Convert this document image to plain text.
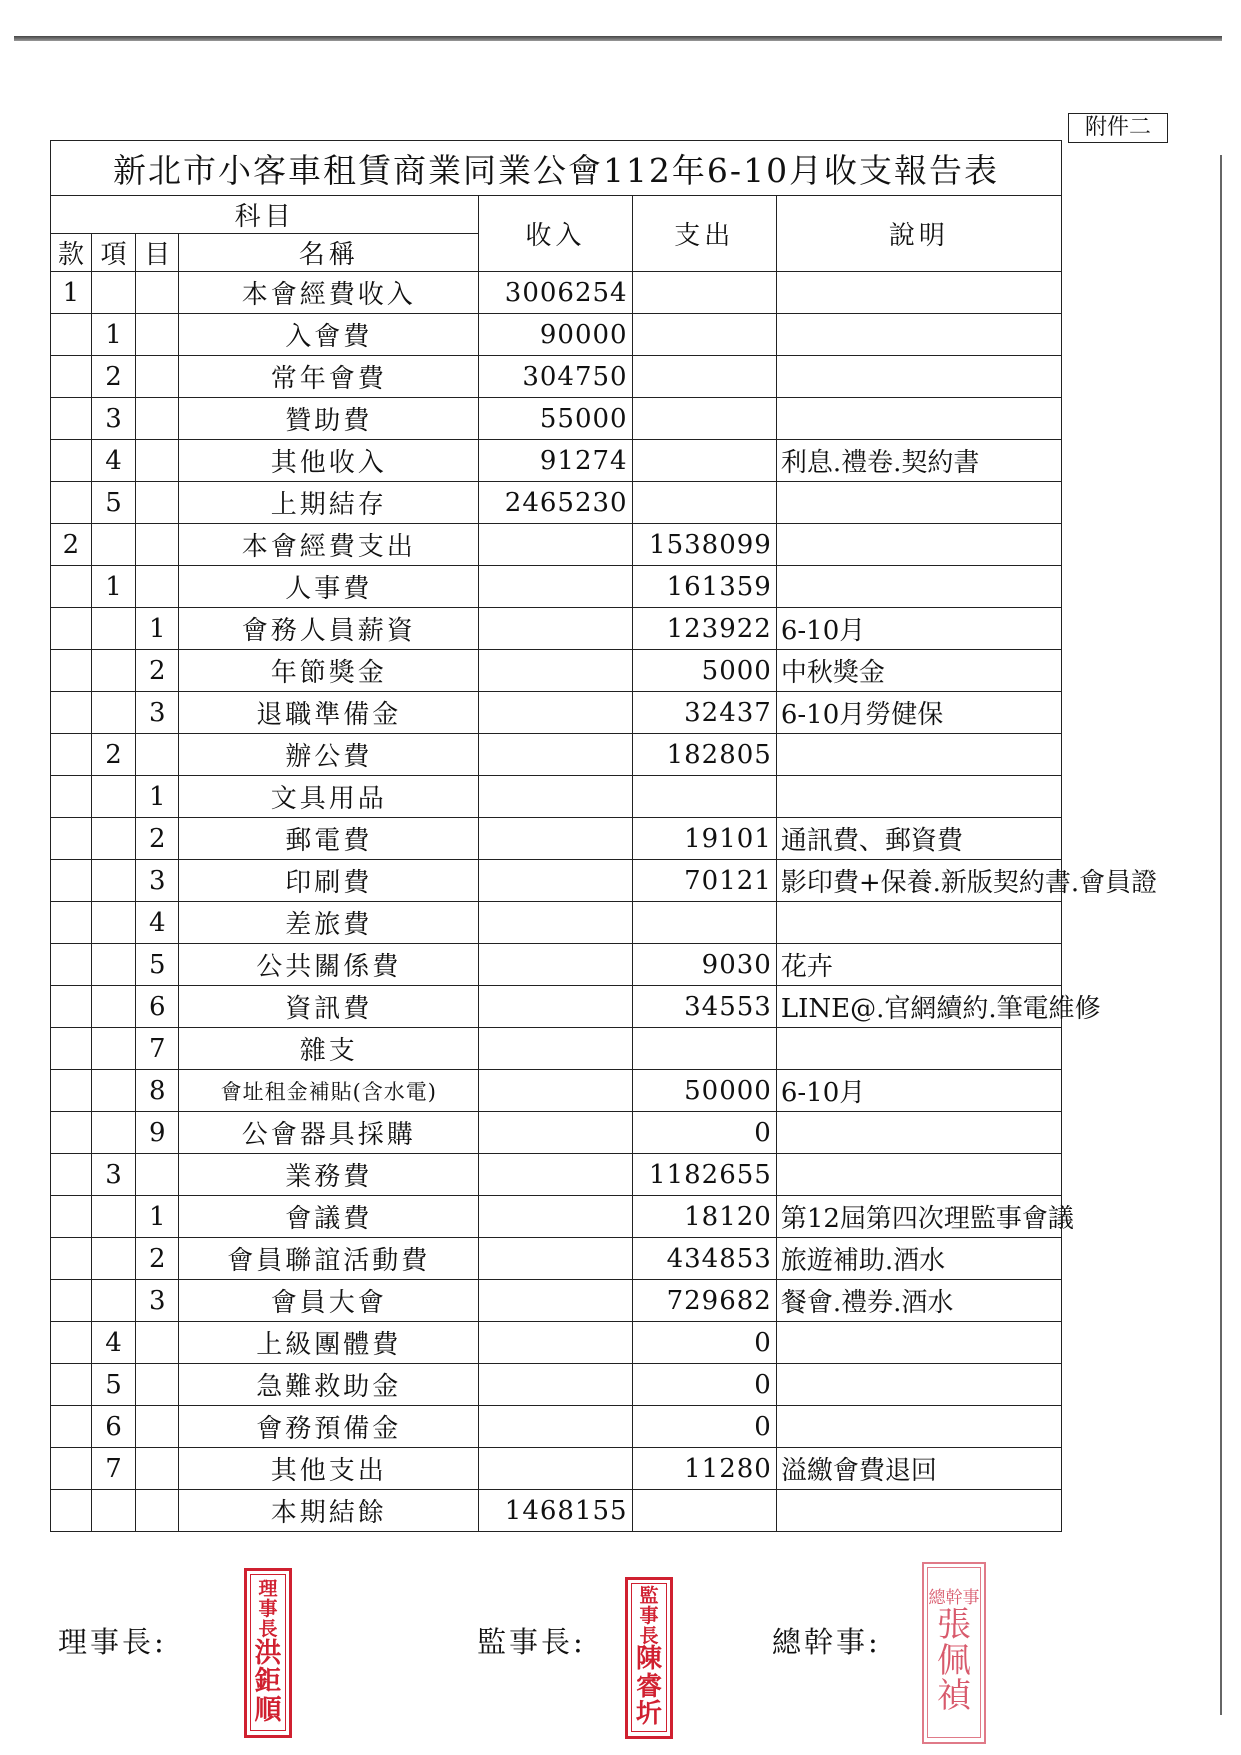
附件二
新北市小客車租賃商業同業公會112年6-10月收支報告表						
科目				收入	支出	說明
款	項	目	名稱			
1			本會經費收入	3006254		
	1		入會費	90000		
	2		常年會費	304750		
	3		贊助費	55000		
	4		其他收入	91274		利息.禮卷.契約書
	5		上期結存	2465230		
2			本會經費支出		1538099	
	1		人事費		161359	
		1	會務人員薪資		123922	6-10月
		2	年節獎金		5000	中秋獎金
		3	退職準備金		32437	6-10月勞健保
	2		辦公費		182805	
		1	文具用品			
		2	郵電費		19101	通訊費、郵資費
		3	印刷費		70121	影印費+保養.新版契約書.會員證
		4	差旅費			
		5	公共關係費		9030	花卉
		6	資訊費		34553	LINE@.官網續約.筆電維修
		7	雜支			
		8	會址租金補貼(含水電)		50000	6-10月
		9	公會器具採購		0	
	3		業務費		1182655	
		1	會議費		18120	第12屆第四次理監事會議
		2	會員聯誼活動費		434853	旅遊補助.酒水
		3	會員大會		729682	餐會.禮券.酒水
	4		上級團體費		0	
	5		急難救助金		0	
	6		會務預備金		0	
	7		其他支出		11280	溢繳會費退回
			本期結餘	1468155		
理事長:
理事長
洪鉅順
監事長:
監事長
陳睿圻
總幹事:
總幹事
張佩禎
